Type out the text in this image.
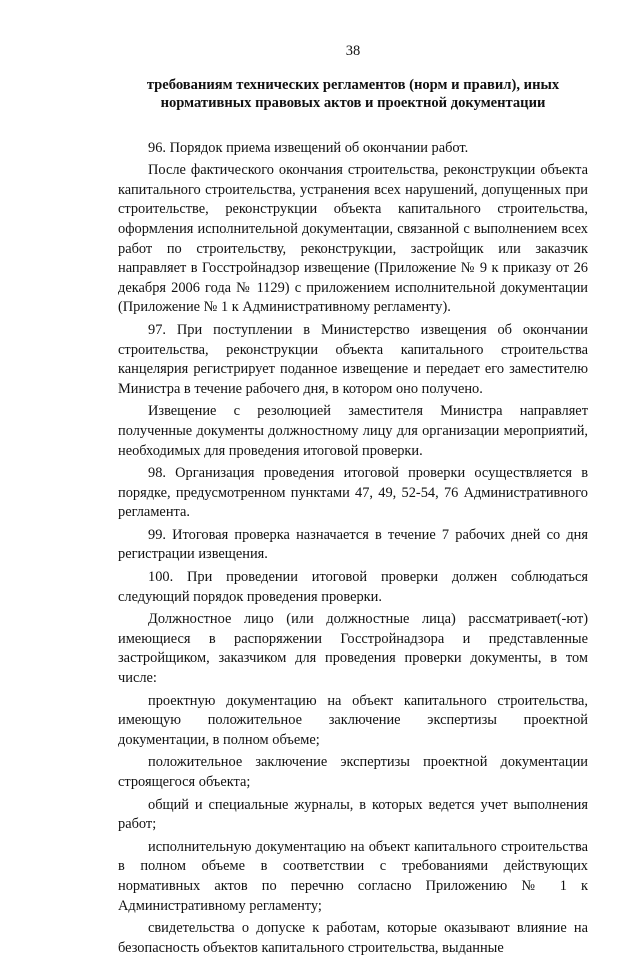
38
требованиям технических регламентов (норм и правил), иных
нормативных правовых актов и проектной документации

96. Порядок приема извещений об окончании работ.

После фактического окончания строительства, реконструкции объекта капитального строительства, устранения всех нарушений, допущенных при строительстве, реконструкции объекта капитального строительства, оформления исполнительной документации, связанной с выполнением всех работ по строительству, реконструкции, застройщик или заказчик направляет в Госстройнадзор извещение (Приложение № 9 к приказу от 26 декабря 2006 года № 1129) с приложением исполнительной документации (Приложение № 1 к Административному регламенту).

97. При поступлении в Министерство извещения об окончании строительства, реконструкции объекта капитального строительства канцелярия регистрирует поданное извещение и передает его заместителю Министра в течение рабочего дня, в котором оно получено.

Извещение с резолюцией заместителя Министра направляет полученные документы должностному лицу для организации мероприятий, необходимых для проведения итоговой проверки.

98. Организация проведения итоговой проверки осуществляется в порядке, предусмотренном пунктами 47, 49, 52-54, 76 Административного регламента.

99. Итоговая проверка назначается в течение 7 рабочих дней со дня регистрации извещения.

100. При проведении итоговой проверки должен соблюдаться следующий порядок проведения проверки.

Должностное лицо (или должностные лица) рассматривает(-ют) имеющиеся в распоряжении Госстройнадзора и представленные застройщиком, заказчиком для проведения проверки документы, в том числе:

проектную документацию на объект капитального строительства, имеющую положительное заключение экспертизы проектной документации, в полном объеме;

положительное заключение экспертизы проектной документации строящегося объекта;

общий и специальные журналы, в которых ведется учет выполнения работ;

исполнительную документацию на объект капитального строительства в полном объеме в соответствии с требованиями действующих нормативных актов по перечню согласно Приложению № 1 к Административному регламенту;

свидетельства о допуске к работам, которые оказывают влияние на безопасность объектов капитального строительства, выданные
